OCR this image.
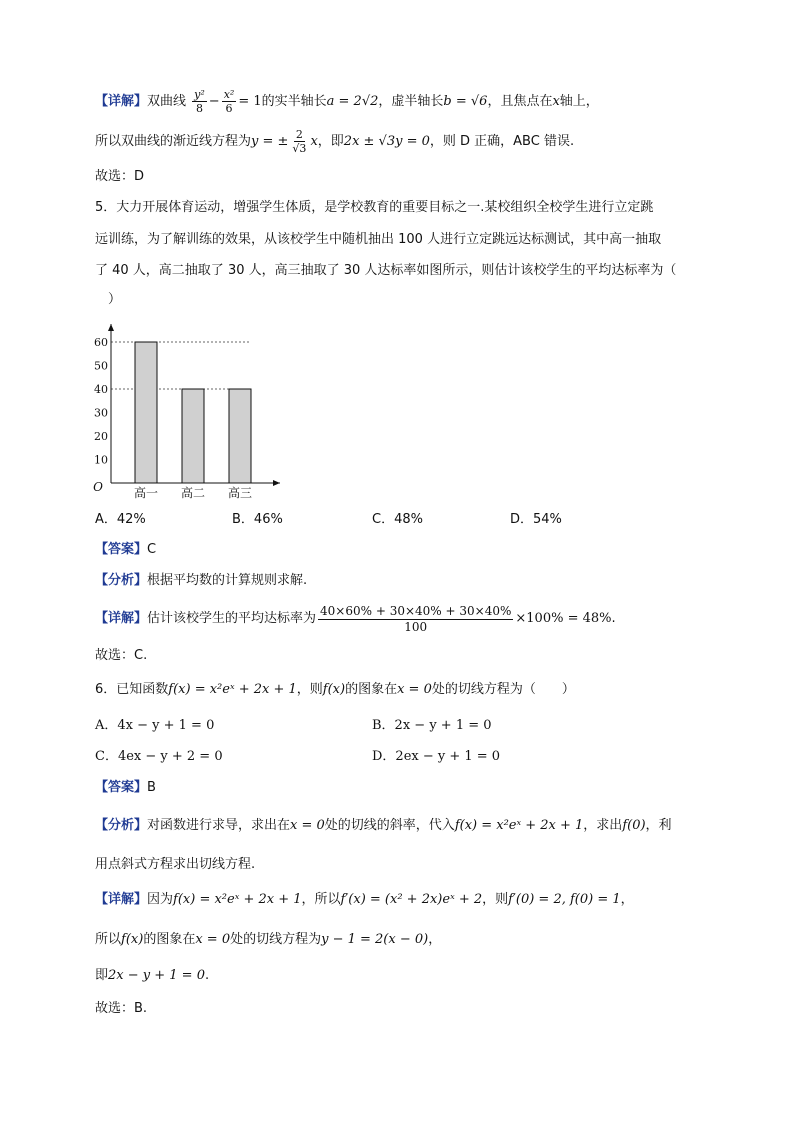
【详解】双曲线 $\frac{\text{y²}}{8} - \frac{\text{x²}}{6} = 1$的实半轴长a = 2√2，虚半轴长b = √6，且焦点在x轴上，
所以双曲线的渐近线方程为y = ± $\frac{2}{√3}$ x，即2x ± √3y = 0，则 D 正确，ABC 错误.
故选：D
5．大力开展体育运动，增强学生体质，是学校教育的重要目标之一.某校组织全校学生进行立定跳
远训练，为了解训练的效果，从该校学生中随机抽出 100 人进行立定跳远达标测试，其中高一抽取
了 40 人，高二抽取了 30 人，高三抽取了 30 人达标率如图所示，则估计该校学生的平均达标率为（
）
高一 高二 高三
10
20
30
40
50
60
O
A．42%	B．46%	C．48%	D．54%
【答案】C
【分析】根据平均数的计算规则求解.
【详解】 估计该校学生的平均达标率为 $\frac{40\times 60\% + 30\times 40\% + 30\times 40\%}{100} \times 100\% = 48\%$ .
故选：C.
6．已知函数f(x) = x²eˣ + 2x + 1，则f(x)的图象在x = 0处的切线方程为（　　）
A．4x − y + 1 = 0	B．2x − y + 1 = 0
C．4ex − y + 2 = 0	D．2ex − y + 1 = 0
【答案】B
【分析】对函数进行求导，求出在x = 0处的切线的斜率，代入f(x) = x²eˣ + 2x + 1，求出f(0)，利
用点斜式方程求出切线方程.
【详解】因为f(x) = x²eˣ + 2x + 1，所以f′(x) = (x² + 2x)eˣ + 2，则f′(0) = 2, f(0) = 1，
所以f(x)的图象在x = 0处的切线方程为y − 1 = 2(x − 0)，
即2x − y + 1 = 0.
故选：B.
